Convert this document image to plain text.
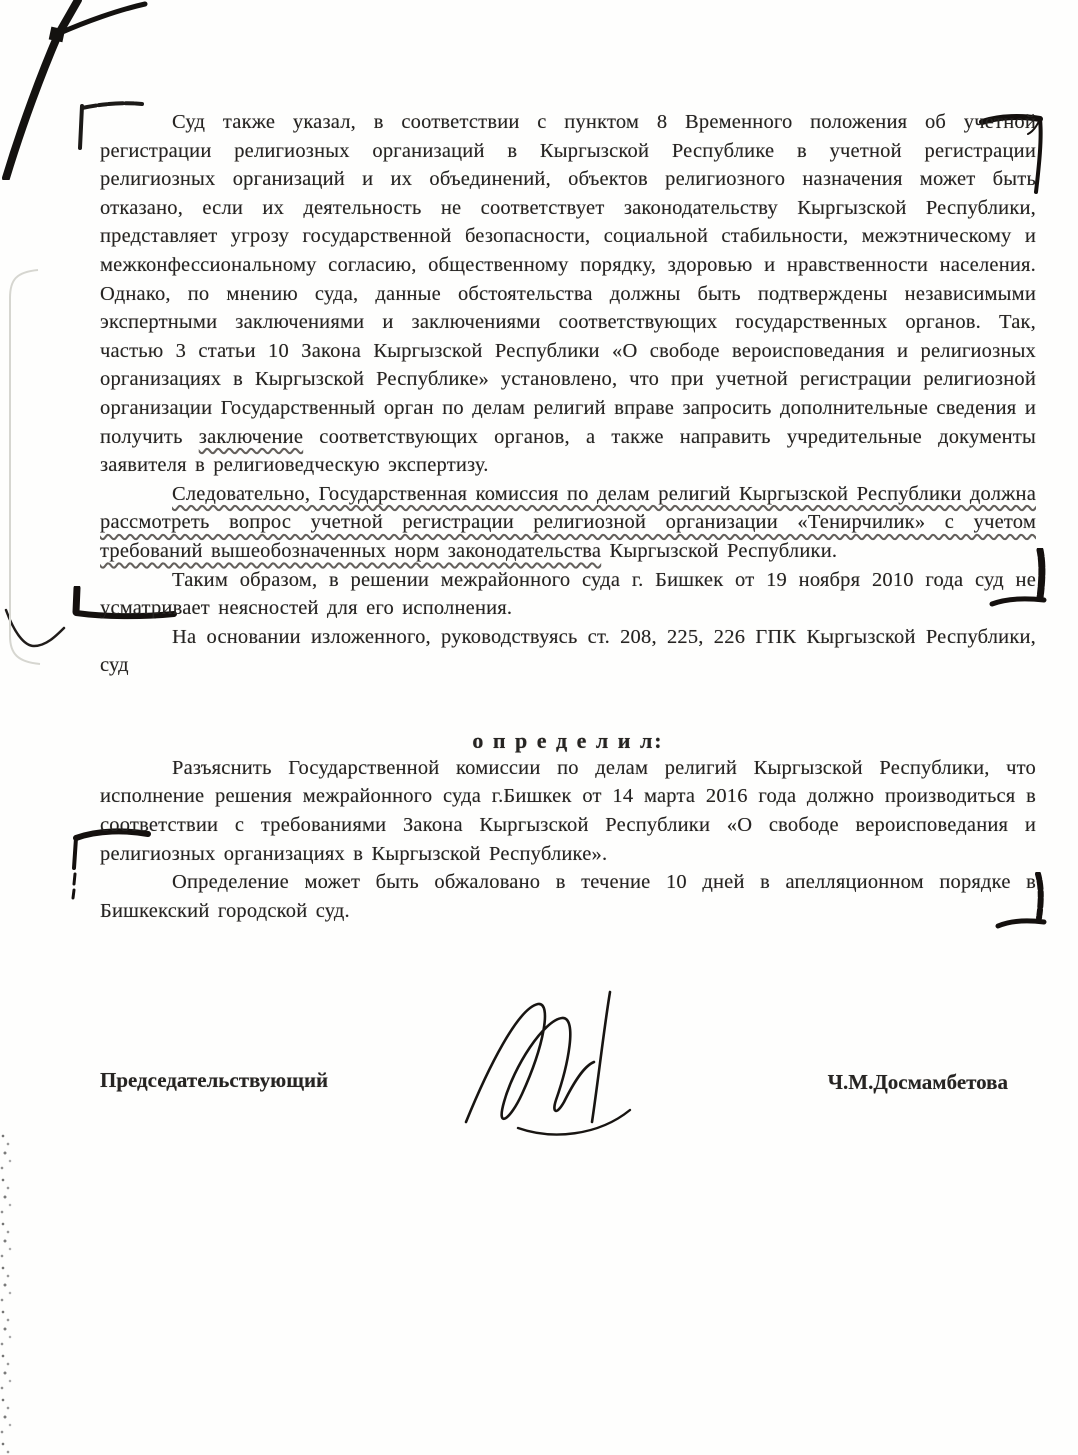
Суд также указал, в соответствии с пунктом 8 Временного положения об учетной регистрации религиозных организаций в Кыргызской Республике в учетной регистрации религиозных организаций и их объединений, объектов религиозного назначения может быть отказано, если их деятельность не соответствует законодательству Кыргызской Республики, представляет угрозу государственной безопасности, социальной стабильности, межэтническому и межконфессиональному согласию, общественному порядку, здоровью и нравственности населения. Однако, по мнению суда, данные обстоятельства должны быть подтверждены независимыми экспертными заключениями и заключениями соответствующих государственных органов. Так, частью 3 статьи 10 Закона Кыргызской Республики «О свободе вероисповедания и религиозных организациях в Кыргызской Республике» установлено, что при учетной регистрации религиозной организации Государственный орган по делам религий вправе запросить дополнительные сведения и получить заключение соответствующих органов, а также направить учредительные документы заявителя в религиоведческую экспертизу.

Следовательно, Государственная комиссия по делам религий Кыргызской Республики должна рассмотреть вопрос учетной регистрации религиозной организации «Тенирчилик» с учетом требований вышеобозначенных норм законодательства Кыргызской Республики.

Таким образом, в решении межрайонного суда г. Бишкек от 19 ноября 2010 года суд не усматривает неясностей для его исполнения.

На основании изложенного, руководствуясь ст. 208, 225, 226 ГПК Кыргызской Республики, суд

о п р е д е л и л:

Разъяснить Государственной комиссии по делам религий Кыргызской Республики, что исполнение решения межрайонного суда г.Бишкек от 14 марта 2016 года должно производиться в соответствии с требованиями Закона Кыргызской Республики «О свободе вероисповедания и религиозных организациях в Кыргызской Республике».

Определение может быть обжаловано в течение 10 дней в апелляционном порядке в Бишкекский городской суд.

Председательствующий	Ч.М.Досмамбетова
